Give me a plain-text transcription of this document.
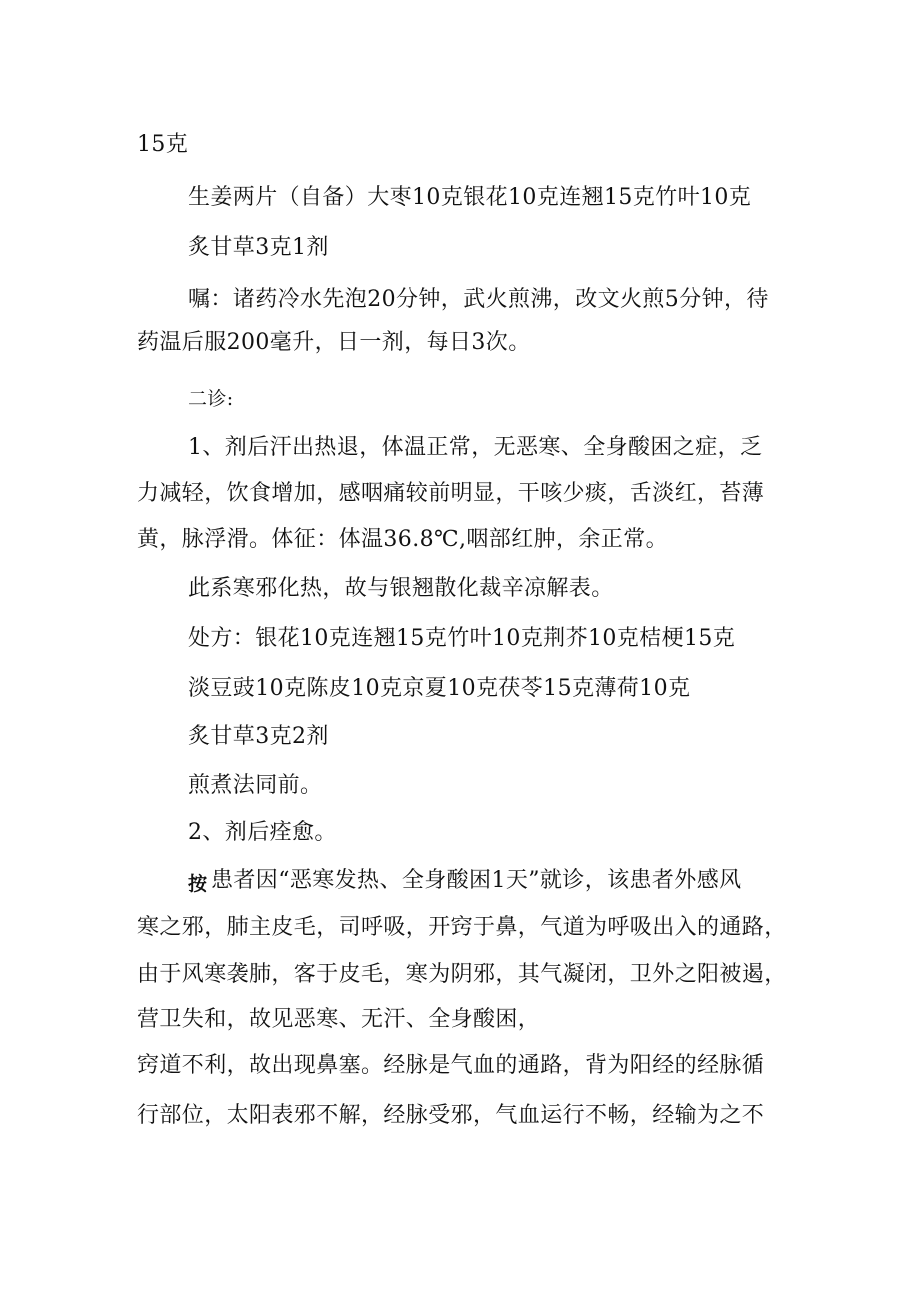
15克
生姜两片（自备）大枣10克银花10克连翘15克竹叶10克
炙甘草3克1剂
嘱：诸药冷水先泡20分钟，武火煎沸，改文火煎5分钟，待
药温后服200毫升，日一剂，每日3次。
二诊:
1、剂后汗出热退，体温正常，无恶寒、全身酸困之症，乏
力减轻，饮食增加，感咽痛较前明显，干咳少痰，舌淡红，苔薄
黄，脉浮滑。体征：体温36.8℃,咽部红肿，余正常。
此系寒邪化热，故与银翘散化裁辛凉解表。
处方：银花10克连翘15克竹叶10克荆芥10克桔梗15克
淡豆豉10克陈皮10克京夏10克茯苓15克薄荷10克
炙甘草3克2剂
煎煮法同前。
2、剂后痊愈。
按 患者因“恶寒发热、全身酸困1天”就诊，该患者外感风
寒之邪，肺主皮毛，司呼吸，开窍于鼻，气道为呼吸出入的通路，
由于风寒袭肺，客于皮毛，寒为阴邪，其气凝闭，卫外之阳被遏，
营卫失和，故见恶寒、无汗、全身酸困，
窍道不利，故出现鼻塞。经脉是气血的通路，背为阳经的经脉循
行部位，太阳表邪不解，经脉受邪，气血运行不畅，经输为之不
